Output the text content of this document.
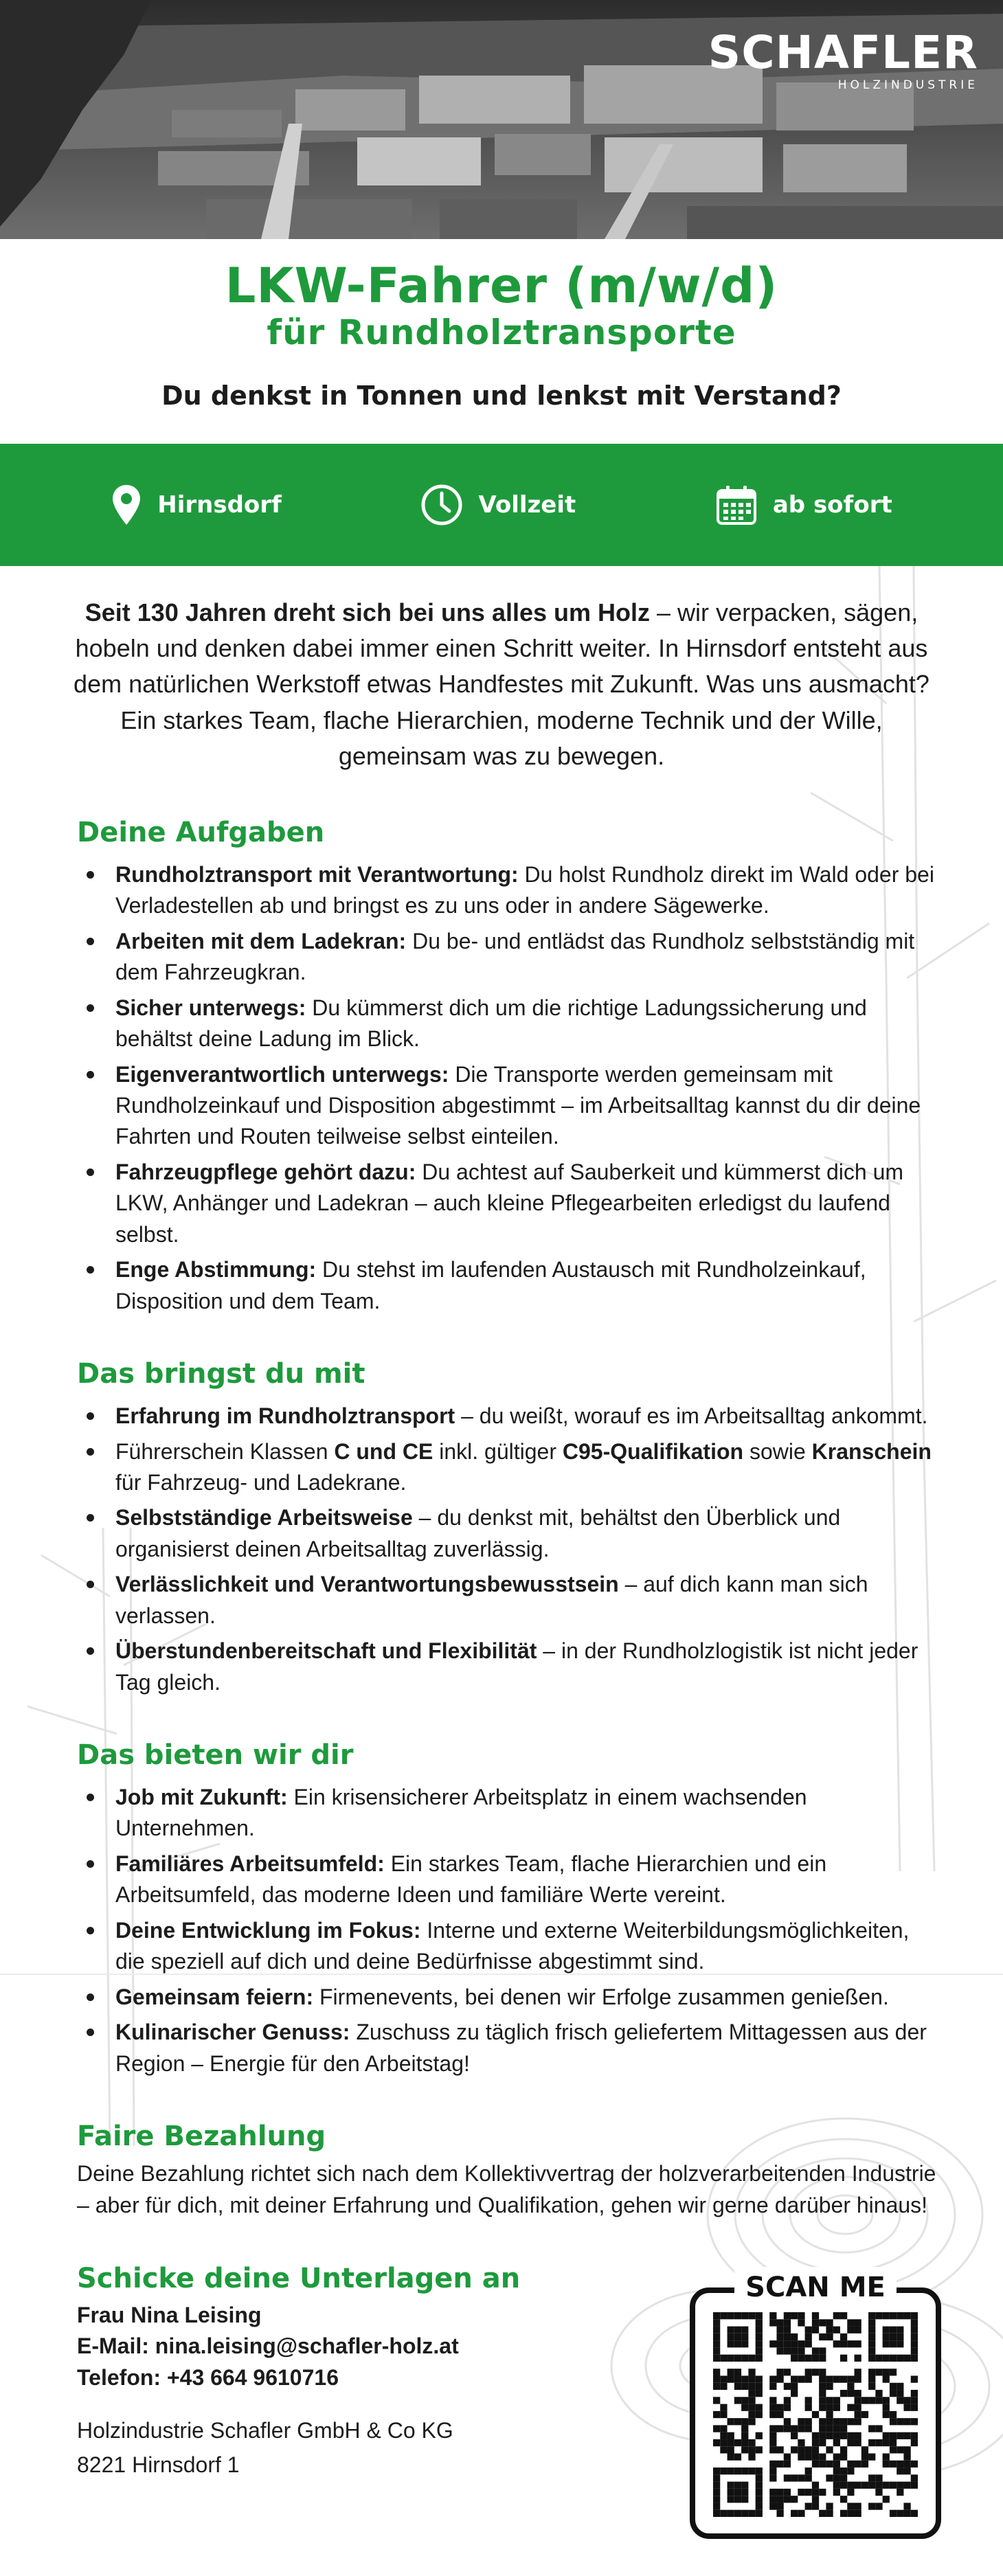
SCHAFLER
HOLZINDUSTRIE
LKW-Fahrer (m/w/d)
für Rundholztransporte
Du denkst in Tonnen und lenkst mit Verstand?
Hirnsdorf	Vollzeit	ab sofort

Seit 130 Jahren dreht sich bei uns alles um Holz – wir verpacken, sägen, hobeln und denken dabei immer einen Schritt weiter. In Hirnsdorf entsteht aus dem natürlichen Werkstoff etwas Handfestes mit Zukunft. Was uns ausmacht? Ein starkes Team, flache Hierarchien, moderne Technik und der Wille, gemeinsam was zu bewegen.

Deine Aufgaben
Rundholztransport mit Verantwortung: Du holst Rundholz direkt im Wald oder bei Verladestellen ab und bringst es zu uns oder in andere Sägewerke.
Arbeiten mit dem Ladekran: Du be- und entlädst das Rundholz selbstständig mit dem Fahrzeugkran.
Sicher unterwegs: Du kümmerst dich um die richtige Ladungssicherung und behältst deine Ladung im Blick.
Eigenverantwortlich unterwegs: Die Transporte werden gemeinsam mit Rundholzeinkauf und Disposition abgestimmt – im Arbeitsalltag kannst du dir deine Fahrten und Routen teilweise selbst einteilen.
Fahrzeugpflege gehört dazu: Du achtest auf Sauberkeit und kümmerst dich um LKW, Anhänger und Ladekran – auch kleine Pflegearbeiten erledigst du laufend selbst.
Enge Abstimmung: Du stehst im laufenden Austausch mit Rundholzeinkauf, Disposition und dem Team.
Das bringst du mit
Erfahrung im Rundholztransport – du weißt, worauf es im Arbeitsalltag ankommt.
Führerschein Klassen C und CE inkl. gültiger C95-Qualifikation sowie Kranschein für Fahrzeug- und Ladekrane.
Selbstständige Arbeitsweise – du denkst mit, behältst den Überblick und organisierst deinen Arbeitsalltag zuverlässig.
Verlässlichkeit und Verantwortungsbewusstsein – auf dich kann man sich verlassen.
Überstundenbereitschaft und Flexibilität – in der Rundholzlogistik ist nicht jeder Tag gleich.
Das bieten wir dir
Job mit Zukunft: Ein krisensicherer Arbeitsplatz in einem wachsenden Unternehmen.
Familiäres Arbeitsumfeld: Ein starkes Team, flache Hierarchien und ein Arbeitsumfeld, das moderne Ideen und familiäre Werte vereint.
Deine Entwicklung im Fokus: Interne und externe Weiterbildungsmöglichkeiten, die speziell auf dich und deine Bedürfnisse abgestimmt sind.
Gemeinsam feiern: Firmenevents, bei denen wir Erfolge zusammen genießen.
Kulinarischer Genuss: Zuschuss zu täglich frisch geliefertem Mittagessen aus der Region – Energie für den Arbeitstag!
Faire Bezahlung

Deine Bezahlung richtet sich nach dem Kollektivvertrag der holzverarbeitenden Industrie – aber für dich, mit deiner Erfahrung und Qualifikation, gehen wir gerne darüber hinaus!

Schicke deine Unterlagen an
Frau Nina Leising
E-Mail: nina.leising@schafler-holz.at
Telefon: +43 664 9610716
Holzindustrie Schafler GmbH & Co KG
8221 Hirnsdorf 1
SCAN ME
